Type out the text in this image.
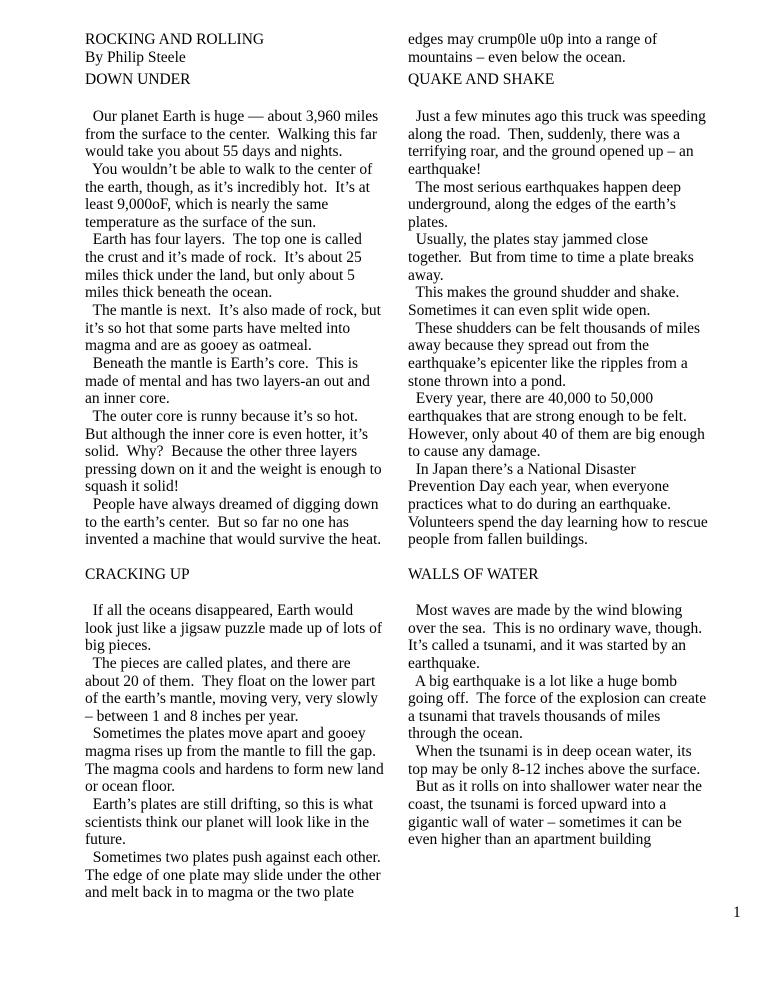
ROCKING AND ROLLING
By Philip Steele
DOWN UNDER
Our planet Earth is huge — about 3,960 miles
from the surface to the center.  Walking this far
would take you about 55 days and nights.
You wouldn’t be able to walk to the center of
the earth, though, as it’s incredibly hot.  It’s at
least 9,000oF, which is nearly the same
temperature as the surface of the sun.
Earth has four layers.  The top one is called
the crust and it’s made of rock.  It’s about 25
miles thick under the land, but only about 5
miles thick beneath the ocean.
The mantle is next.  It’s also made of rock, but
it’s so hot that some parts have melted into
magma and are as gooey as oatmeal.
Beneath the mantle is Earth’s core.  This is
made of mental and has two layers-an out and
an inner core.
The outer core is runny because it’s so hot.
But although the inner core is even hotter, it’s
solid.  Why?  Because the other three layers
pressing down on it and the weight is enough to
squash it solid!
People have always dreamed of digging down
to the earth’s center.  But so far no one has
invented a machine that would survive the heat.
CRACKING UP
If all the oceans disappeared, Earth would
look just like a jigsaw puzzle made up of lots of
big pieces.
The pieces are called plates, and there are
about 20 of them.  They float on the lower part
of the earth’s mantle, moving very, very slowly
– between 1 and 8 inches per year.
Sometimes the plates move apart and gooey
magma rises up from the mantle to fill the gap.
The magma cools and hardens to form new land
or ocean floor.
Earth’s plates are still drifting, so this is what
scientists think our planet will look like in the
future.
Sometimes two plates push against each other.
The edge of one plate may slide under the other
and melt back in to magma or the two plate
edges may crump0le u0p into a range of
mountains – even below the ocean.
QUAKE AND SHAKE
Just a few minutes ago this truck was speeding
along the road.  Then, suddenly, there was a
terrifying roar, and the ground opened up – an
earthquake!
The most serious earthquakes happen deep
underground, along the edges of the earth’s
plates.
Usually, the plates stay jammed close
together.  But from time to time a plate breaks
away.
This makes the ground shudder and shake.
Sometimes it can even split wide open.
These shudders can be felt thousands of miles
away because they spread out from the
earthquake’s epicenter like the ripples from a
stone thrown into a pond.
Every year, there are 40,000 to 50,000
earthquakes that are strong enough to be felt.
However, only about 40 of them are big enough
to cause any damage.
In Japan there’s a National Disaster
Prevention Day each year, when everyone
practices what to do during an earthquake.
Volunteers spend the day learning how to rescue
people from fallen buildings.
WALLS OF WATER
Most waves are made by the wind blowing
over the sea.  This is no ordinary wave, though.
It’s called a tsunami, and it was started by an
earthquake.
A big earthquake is a lot like a huge bomb
going off.  The force of the explosion can create
a tsunami that travels thousands of miles
through the ocean.
When the tsunami is in deep ocean water, its
top may be only 8-12 inches above the surface.
But as it rolls on into shallower water near the
coast, the tsunami is forced upward into a
gigantic wall of water – sometimes it can be
even higher than an apartment building
1
